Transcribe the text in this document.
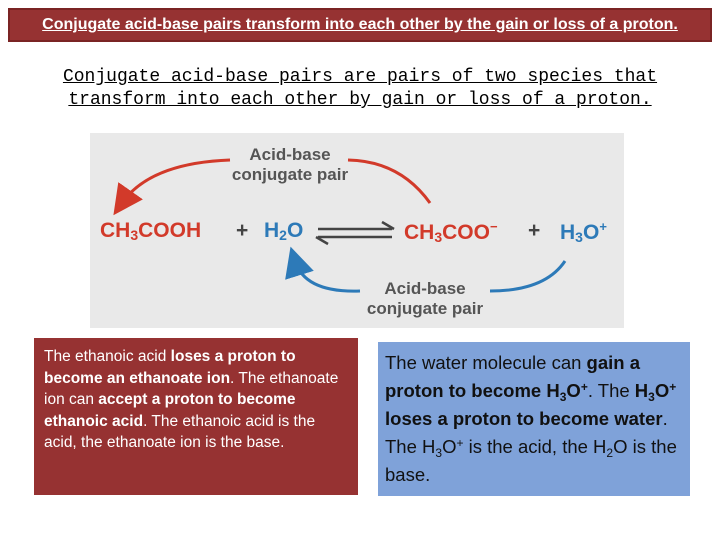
Conjugate acid-base pairs transform into each other by the gain or loss of a proton.
Conjugate acid-base pairs are pairs of two species that transform into each other by gain or loss of a proton.
Acid-base
conjugate pair
$CH_3COOH + H_2O$	$CH_3COO^- + H_3O^+$
Acid-base
conjugate pair
The ethanoic acid loses a proton to become an ethanoate ion. The ethanoate ion can accept a proton to become ethanoic acid. The ethanoic acid is the acid, the ethanoate ion is the base.
The water molecule can gain a proton to become $H_3O^+$. The $H_3O^+$ loses a proton to become water. The $H_3O^+$ is the acid, the $H_2O$ is the base.
